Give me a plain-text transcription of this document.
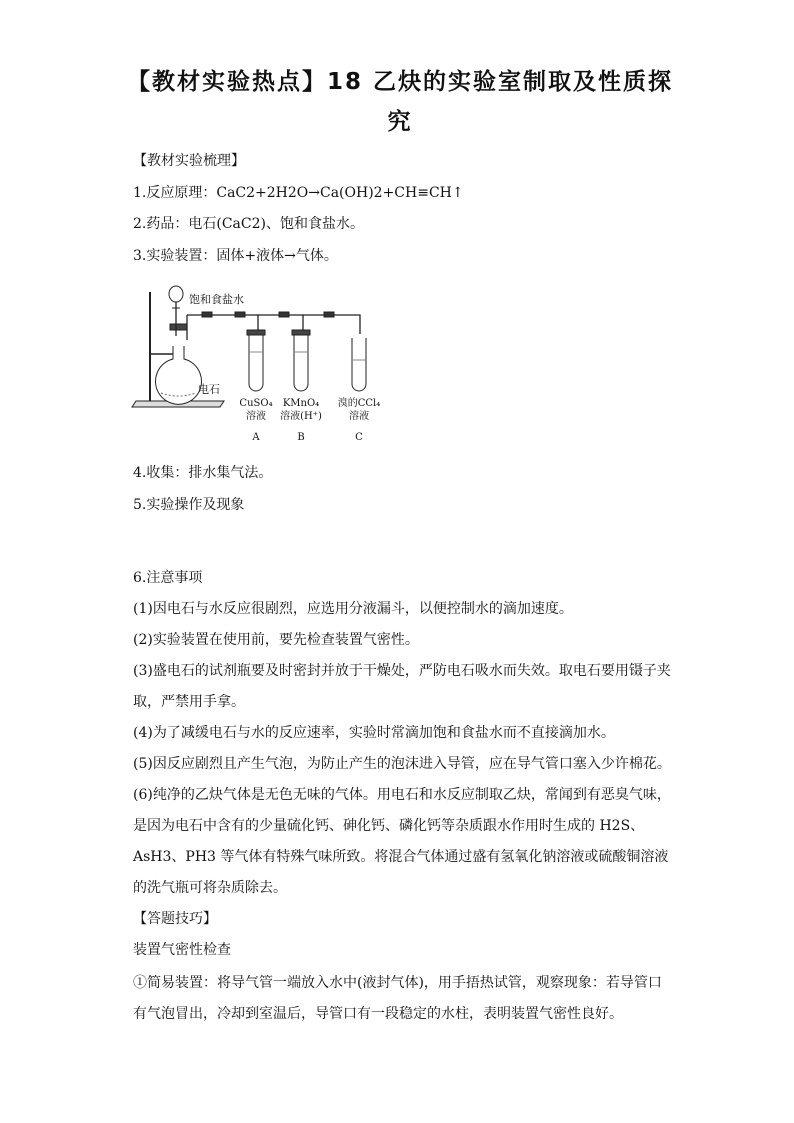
【教材实验热点】18 乙炔的实验室制取及性质探
究
【教材实验梳理】
1.反应原理：CaC2+2H2O→Ca(OH)2+CH≡CH↑
2.药品：电石(CaC2)、饱和食盐水。
3.实验装置：固体+液体→气体。
饱和食盐水
电石
CuSO₄
溶液
A
KMnO₄
溶液(H⁺)
B
溴的CCl₄
溶液
C
4.收集：排水集气法。
5.实验操作及现象
6.注意事项
(1)因电石与水反应很剧烈，应选用分液漏斗，以便控制水的滴加速度。
(2)实验装置在使用前，要先检查装置气密性。
(3)盛电石的试剂瓶要及时密封并放于干燥处，严防电石吸水而失效。取电石要用镊子夹
取，严禁用手拿。
(4)为了减缓电石与水的反应速率，实验时常滴加饱和食盐水而不直接滴加水。
(5)因反应剧烈且产生气泡，为防止产生的泡沫进入导管，应在导气管口塞入少许棉花。
(6)纯净的乙炔气体是无色无味的气体。用电石和水反应制取乙炔，常闻到有恶臭气味，
是因为电石中含有的少量硫化钙、砷化钙、磷化钙等杂质跟水作用时生成的 H2S、
AsH3、PH3 等气体有特殊气味所致。将混合气体通过盛有氢氧化钠溶液或硫酸铜溶液
的洗气瓶可将杂质除去。
【答题技巧】
装置气密性检查
①简易装置：将导气管一端放入水中(液封气体)，用手捂热试管，观察现象：若导管口
有气泡冒出，冷却到室温后，导管口有一段稳定的水柱，表明装置气密性良好。
